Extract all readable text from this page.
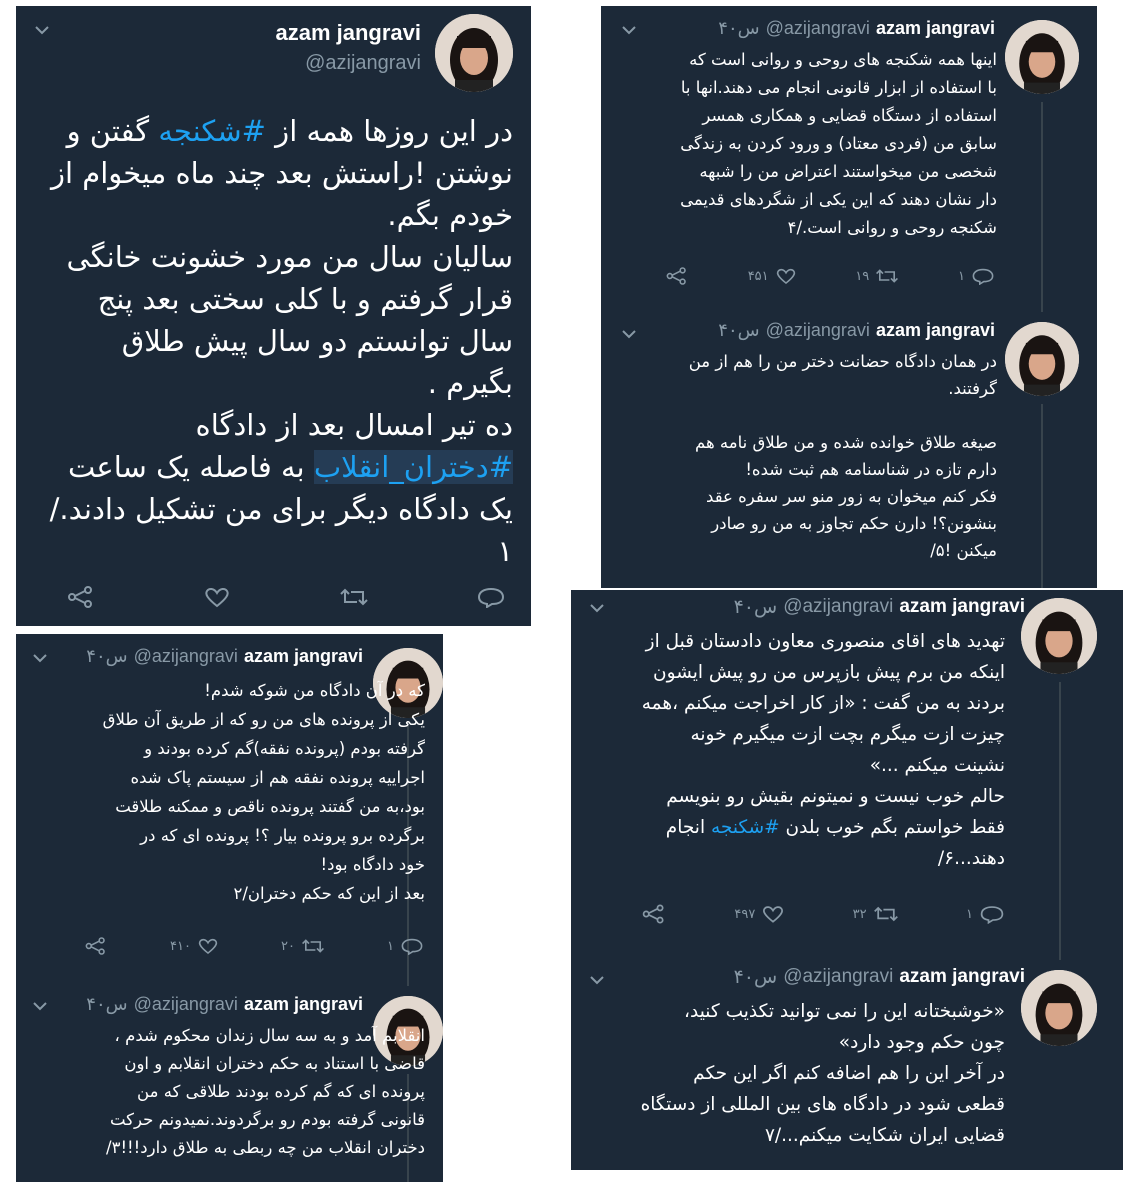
azam jangravi
@azijangravi

در این روزها همه از #شکنجه گفتن و

نوشتن !راستش بعد چند ماه میخوام از

خودم بگم.

سالیان سال من مورد خشونت خانگی

قرار گرفتم و با کلی سختی بعد پنج

سال توانستم دو سال پیش طلاق

بگیرم .

ده تیر امسال بعد از دادگاه

#دختران_انقلاب به فاصله یک ساعت

یک دادگاه دیگر برای من تشکیل دادند./

۱

۴۰س @azijangravi azam jangravi

که در آن دادگاه من شوکه شدم!

یکی از پرونده های من رو که از طریق آن طلاق

گرفته بودم (پرونده نفقه)گم کرده بودند و

اجراییه پرونده نفقه هم از سیستم پاک شده

بود،به من گفتند پرونده ناقص و ممکنه طلاقت

برگرده برو پرونده بیار ؟! پرونده ای که در

خود دادگاه بود!

بعد از این که حکم دختران/۲

۴۱۰	۲۰	۱
۴۰س @azijangravi azam jangravi

انقلابم آمد و به سه سال زندان محکوم شدم ،

قاضی با استناد به حکم دختران انقلابم و اون

پرونده ای که گم کرده بودند طلاقی که من

قانونی گرفته بودم رو برگردوند.نمیدونم حرکت

دختران انقلاب من چه ربطی به طلاق دارد!!!۳/

۴۰س @azijangravi azam jangravi

اینها همه شکنجه های روحی و روانی است که

با استفاده از ابزار قانونی انجام می دهند.انها با

استفاده از دستگاه قضایی و همکاری همسر

سابق من (فردی معتاد) و ورود کردن به زندگی

شخصی من میخواستند اعتراض من را شبهه

دار نشان دهند که این یکی از شگردهای قدیمی

شکنجه روحی و روانی است./۴

۴۵۱	۱۹	۱
۴۰س @azijangravi azam jangravi

در همان دادگاه حضانت دختر من را هم از من

گرفتند.

صیغه طلاق خوانده شده و من طلاق نامه هم

دارم تازه در شناسنامه هم ثبت شده!

فکر کنم میخوان به زور منو سر سفره عقد

بنشونن؟! دارن حکم تجاوز به من رو صادر

میکنن !۵/

۴۰س @azijangravi azam jangravi

تهدید های اقای منصوری معاون دادستان قبل از

اینکه من برم پیش بازپرس من رو پیش ایشون

بردند به من گفت : «از کار اخراجت میکنم ،همه

چیزت ازت میگرم بچت ازت میگیرم خونه

نشینت میکنم ...»

حالم خوب نیست و نمیتونم بقیش رو بنویسم

فقط خواستم بگم خوب بلدن #شکنجه انجام

دهند...۶/

۴۹۷	۳۲	۱
۴۰س @azijangravi azam jangravi

«خوشبختانه این را نمی توانید تکذیب کنید،

چون حکم وجود دارد»

در آخر این را هم اضافه کنم اگر این حکم

قطعی شود در دادگاه های بین المللی از دستگاه

قضایی ایران شکایت میکنم.../۷
